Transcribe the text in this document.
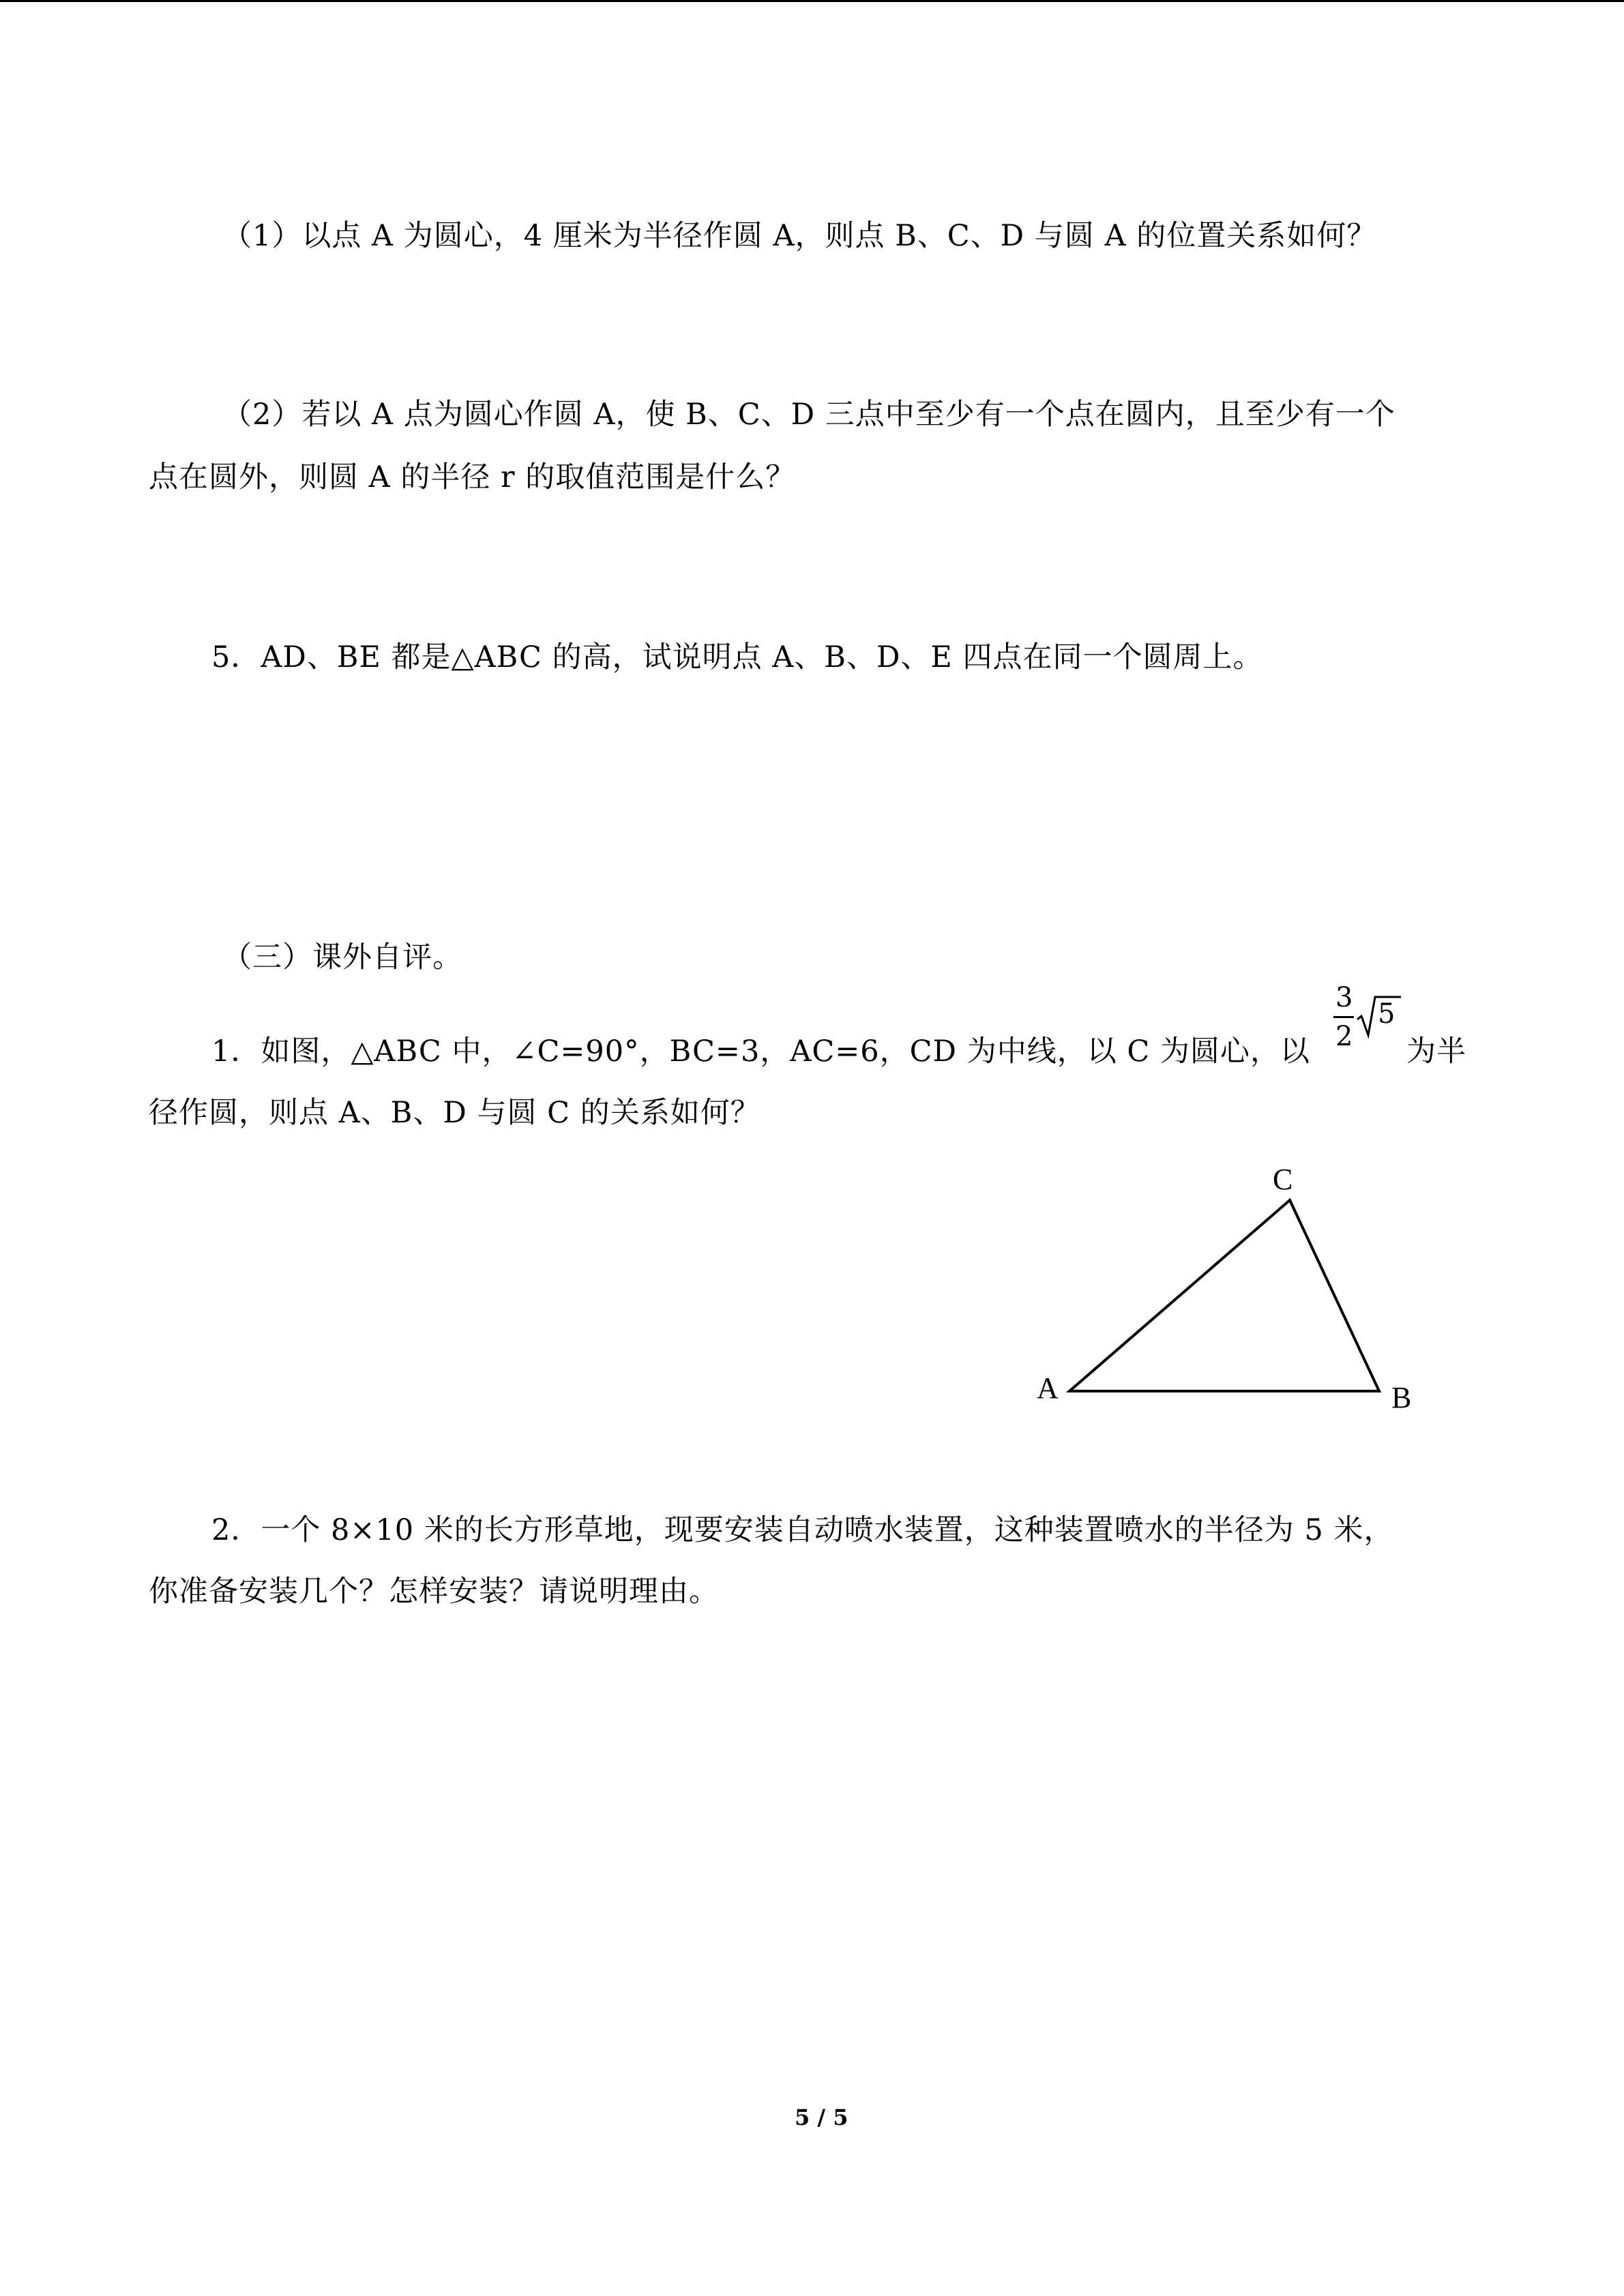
（1）以点 A 为圆心，4 厘米为半径作圆 A，则点 B、C、D 与圆 A 的位置关系如何？
（2）若以 A 点为圆心作圆 A，使 B、C、D 三点中至少有一个点在圆内，且至少有一个
点在圆外，则圆 A 的半径 r 的取值范围是什么？
5．AD、BE 都是△ABC 的高，试说明点 A、B、D、E 四点在同一个圆周上。
（三）课外自评。
1．如图，△ABC 中，∠C=90°，BC=3，AC=6，CD 为中线，以 C 为圆心，以
3
2
5
为半
径作圆，则点 A、B、D 与圆 C 的关系如何？
A	B
C
2．一个 8×10 米的长方形草地，现要安装自动喷水装置，这种装置喷水的半径为 5 米，
你准备安装几个？怎样安装？请说明理由。
5 / 5
